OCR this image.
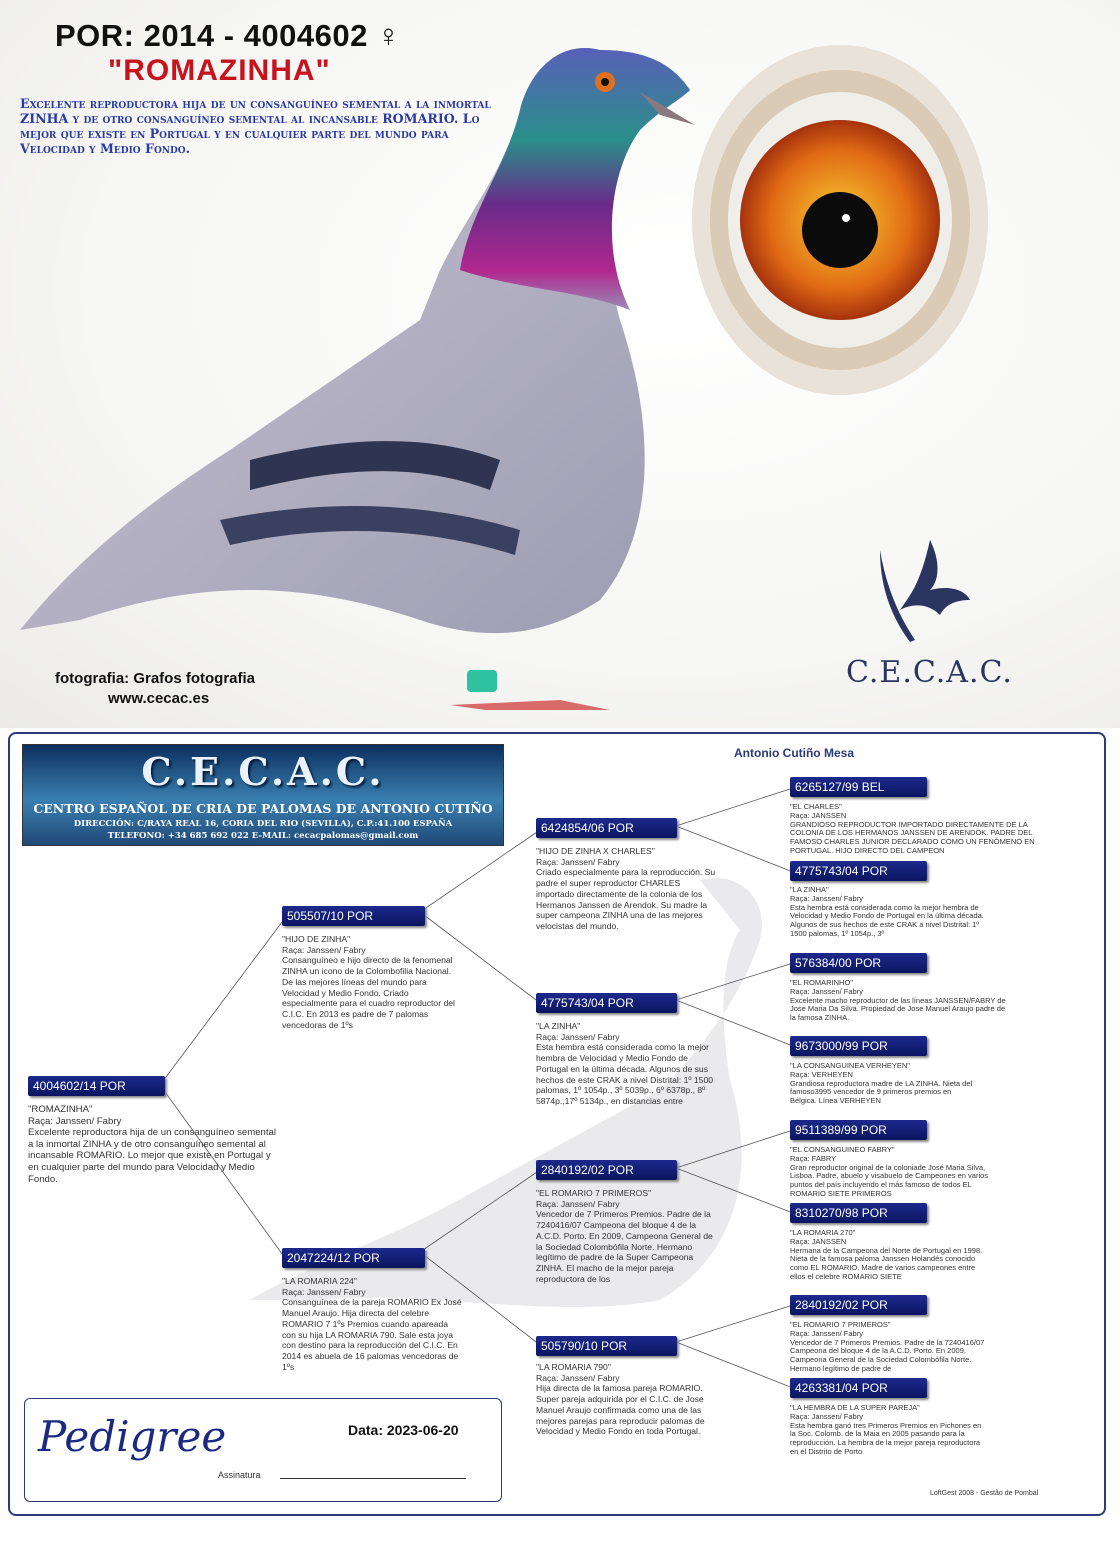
POR: 2014 - 4004602 ♀
"ROMAZINHA"
Excelente reproductora hija de un consanguíneo semental a la inmortal ZINHA y de otro consanguíneo semental al incansable ROMARIO. Lo mejor que existe en Portugal y en cualquier parte del mundo para Velocidad y Medio Fondo.
fotografia: Grafos fotografia
www.cecac.es
C.E.C.A.C.
C.E.C.A.C.
CENTRO ESPAÑOL DE CRIA DE PALOMAS DE ANTONIO CUTIÑO
DIRECCIÓN: C/RAYA REAL 16, CORIA DEL RIO (SEVILLA), C.P.:41.100 ESPAÑA
TELEFONO: +34 685 692 022 E-MAIL: cecacpalomas@gmail.com
Antonio Cutiño Mesa
4004602/14 POR
"ROMAZINHA"
Raça: Janssen/ Fabry
Excelente reproductora hija de un consanguíneo semental a la inmortal ZINHA y de otro consanguíneo semental al incansable ROMARIO. Lo mejor que existe en Portugal y en cualquier parte del mundo para Velocidad y Medio Fondo.
505507/10 POR
"HIJO DE ZINHA"
Raça: Janssen/ Fabry
Consanguíneo e hijo directo de la fenomenal ZINHA un icono de la Colombofilia Nacional. De las mejores líneas del mundo para Velocidad y Medio Fondo. Criado especialmente para el cuadro reproductor del C.I.C. En 2013 es padre de 7 palomas vencedoras de 1ºs
2047224/12 POR
"LA ROMARIA 224"
Raça: Janssen/ Fabry
Consanguínea de la pareja ROMARIO Ex José Manuel Araujo. Hija directa del celebre ROMARIO 7 1ºs Premios cuando apareada con su hija LA ROMARIA 790. Sale esta joya con destino para la reproducción del C.I.C. En 2014 es abuela de 16 palomas vencedoras de 1ºs
6424854/06 POR
"HIJO DE ZINHA X CHARLES"
Raça: Janssen/ Fabry
Criado especialmente para la reproducción. Su padre el super reproductor CHARLES importado directamente de la colonia de los Hermanos Janssen de Arendok. Su madre la super campeona ZINHA una de las mejores velocistas del mundo.
4775743/04 POR
"LA ZINHA"
Raça: Janssen/ Fabry
Esta hembra está considerada como la mejor hembra de Velocidad y Medio Fondo de Portugal en la última década. Algunos de sus hechos de este CRAK a nivel Distrital: 1º 1500 palomas, 1º 1054p., 3º 5039p., 6º 6378p., 8º 5874p.,17º 5134p., en distancias entre
2840192/02 POR
"EL ROMARIO 7 PRIMEROS"
Raça: Janssen/ Fabry
Vencedor de 7 Primeros Premios. Padre de la 7240416/07 Campeona del bloque 4 de la A.C.D. Porto. En 2009, Campeona General de la Sociedad Colombófila Norte. Hermano legítimo de padre de la Super Campeona ZINHA. El macho de la mejor pareja reproductora de los
505790/10 POR
"LA ROMARIA 790"
Raça: Janssen/ Fabry
Hija directa de la famosa pareja ROMARIO. Super pareja adquirida por el C.I.C. de Jose Manuel Araujo confirmada como una de las mejores parejas para reproducir palomas de Velocidad y Medio Fondo en toda Portugal.
6265127/99 BEL
"EL CHARLES"
Raça: JANSSEN
GRANDIOSO REPRODUCTOR IMPORTADO DIRECTAMENTE DE LA COLONIA DE LOS HERMANOS JANSSEN DE ARENDOK. PADRE DEL FAMOSO CHARLES JUNIOR DECLARADO COMO UN FENÓMENO EN PORTUGAL. HIJO DIRECTO DEL CAMPEON
4775743/04 POR
"LA ZINHA"
Raça: Janssen/ Fabry
Esta hembra está considerada como la mejor hembra de Velocidad y Medio Fondo de Portugal en la última década. Algunos de sus hechos de este CRAK a nivel Distrital: 1º 1500 palomas, 1º 1054p., 3º
576384/00 POR
"EL ROMARINHO"
Raça: Janssen/ Fabry
Excelente macho reproductor de las líneas JANSSEN/FABRY de Jose Maria Da Silva. Propiedad de Jose Manuel Araujo padre de la famosa ZINHA.
9673000/99 POR
"LA CONSANGUINEA VERHEYEN"
Raça: VERHEYEN
Grandiosa reproductora madre de LA ZINHA. Nieta del famoso3995 vencedor de 9 primeros premios en Bélgica. Línea VERHEYEN
9511389/99 POR
"EL CONSANGUINEO FABRY"
Raça: FABRY
Gran reproductor original de la coloniade José Maria Silva, Lisboa. Padre, abuelo y visabuelo de Campeones en varios puntos del país incluyendo el más famoso de todos EL ROMARIO SIETE PRIMEROS
8310270/98 POR
"LA ROMARIA 270"
Raça: JANSSEN
Hermana de la Campeona del Norte de Portugal en 1998. Nieta de la famosa paloma Janssen Holandés conocido como EL ROMARIO. Madre de varios campeones entre ellos el celebre ROMARIO SIETE
2840192/02 POR
"EL ROMARIO 7 PRIMEROS"
Raça: Janssen/ Fabry
Vencedor de 7 Primeros Premios. Padre de la 7240416/07 Campeona del bloque 4 de la A.C.D. Porto. En 2009, Campeona General de la Sociedad Colombófila Norte. Hermano legítimo de padre de
4263381/04 POR
"LA HEMBRA DE LA SUPER PAREJA"
Raça: Janssen/ Fabry
Esta hembra ganó tres Primeros Premios en Pichones en la Soc. Colomb. de la Maia en 2005 pasando para la reproducción. La hembra de la mejor pareja reproductora en el Distrito de Porto
Pedigree	Data: 2023-06-20
Assinatura
LoftGest 2008 - Gestão de Pombal
